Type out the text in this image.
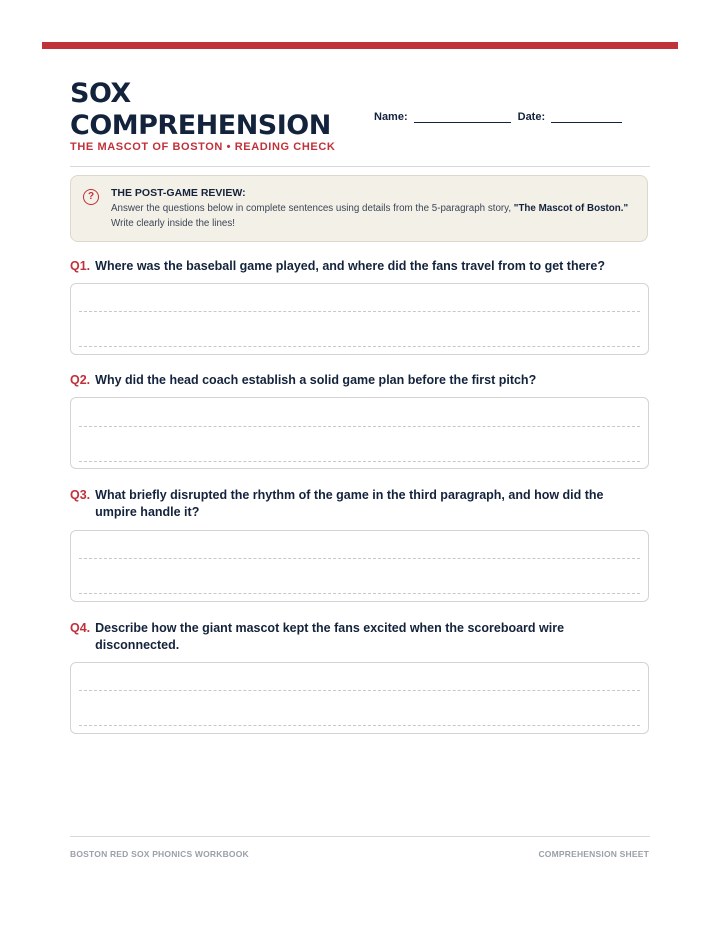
SOX
COMPREHENSION
THE MASCOT OF BOSTON • READING CHECK
Name:	Date:
?	THE POST-GAME REVIEW:
Answer the questions below in complete sentences using details from the 5-paragraph story, "The Mascot of Boston." Write clearly inside the lines!
Q1. Where was the baseball game played, and where did the fans travel from to get there?
Q2. Why did the head coach establish a solid game plan before the first pitch?
Q3. What briefly disrupted the rhythm of the game in the third paragraph, and how did the umpire handle it?
Q4. Describe how the giant mascot kept the fans excited when the scoreboard wire disconnected.
BOSTON RED SOX PHONICS WORKBOOK	COMPREHENSION SHEET
